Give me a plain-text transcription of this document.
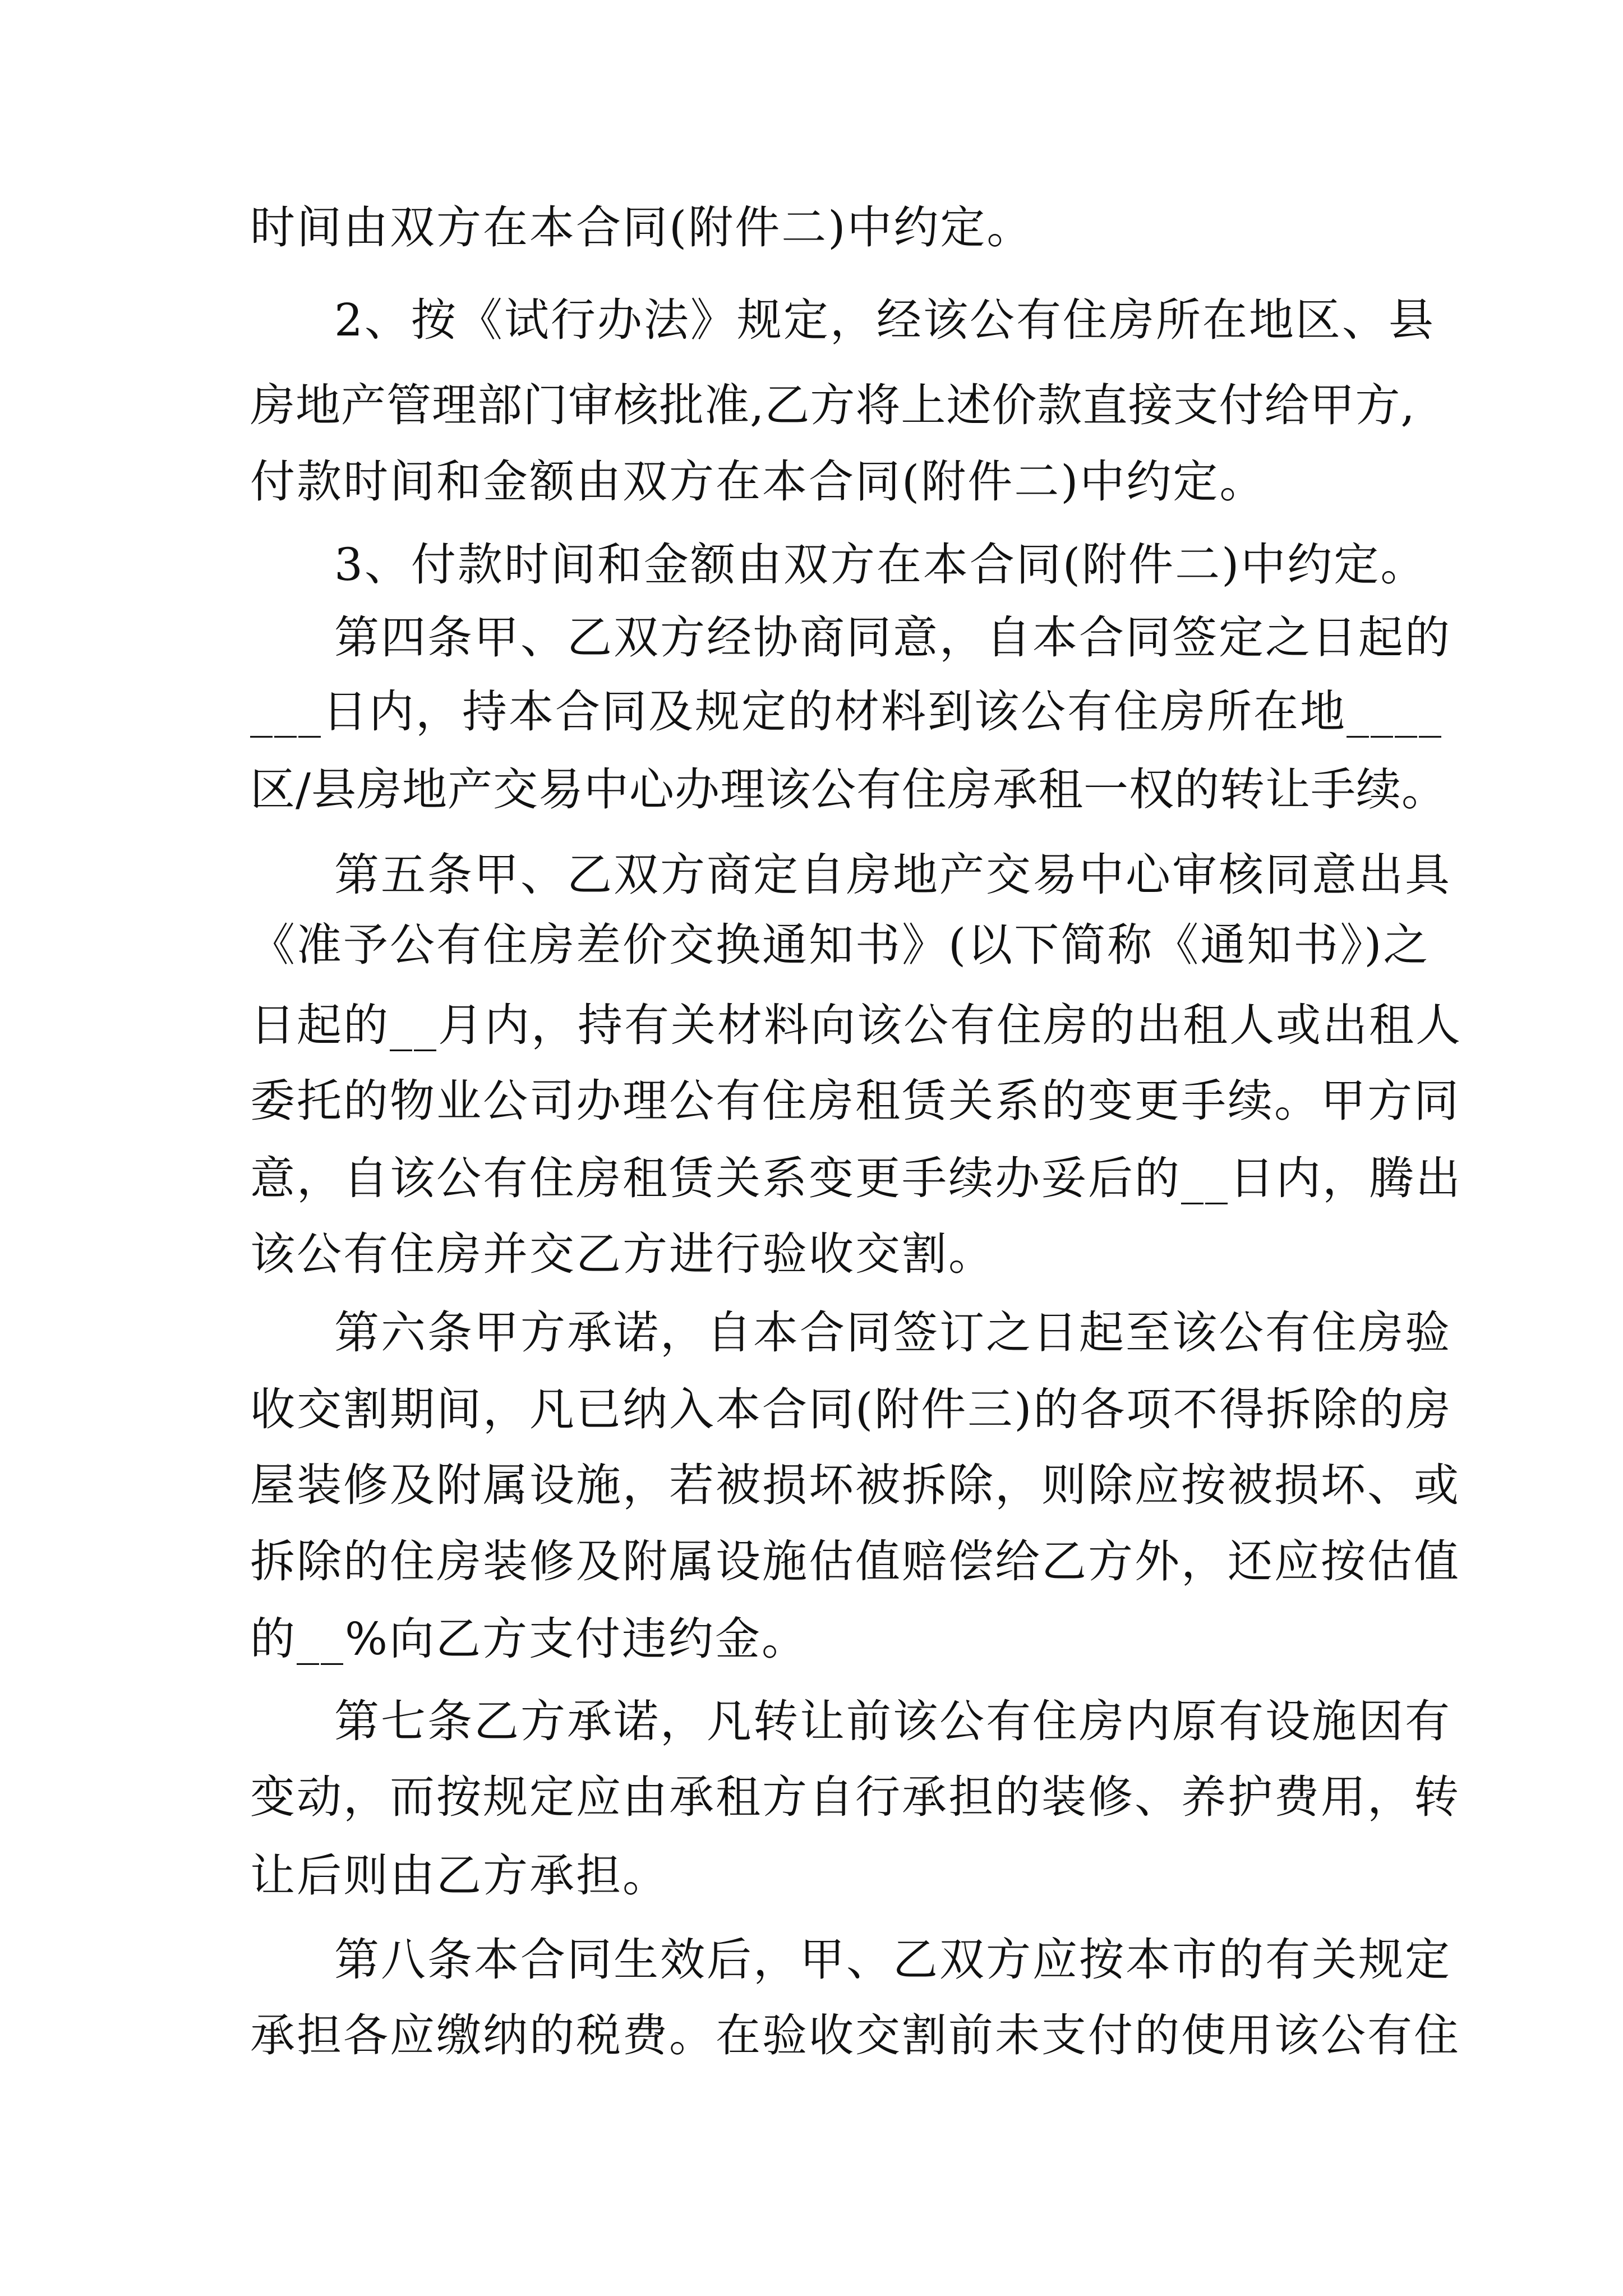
时间由双方在本合同(附件二)中约定。
2、按《试行办法》规定，经该公有住房所在地区、县
房地产管理部门审核批准,乙方将上述价款直接支付给甲方,
付款时间和金额由双方在本合同(附件二)中约定。
3、付款时间和金额由双方在本合同(附件二)中约定。
第四条甲、乙双方经协商同意，自本合同签定之日起的
___日内，持本合同及规定的材料到该公有住房所在地____
区/县房地产交易中心办理该公有住房承租一权的转让手续。
第五条甲、乙双方商定自房地产交易中心审核同意出具
《准予公有住房差价交换通知书》(以下简称《通知书》)之
日起的__月内，持有关材料向该公有住房的出租人或出租人
委托的物业公司办理公有住房租赁关系的变更手续。甲方同
意，自该公有住房租赁关系变更手续办妥后的__日内，腾出
该公有住房并交乙方进行验收交割。
第六条甲方承诺，自本合同签订之日起至该公有住房验
收交割期间，凡已纳入本合同(附件三)的各项不得拆除的房
屋装修及附属设施，若被损坏被拆除，则除应按被损坏、或
拆除的住房装修及附属设施估值赔偿给乙方外，还应按估值
的__%向乙方支付违约金。
第七条乙方承诺，凡转让前该公有住房内原有设施因有
变动，而按规定应由承租方自行承担的装修、养护费用，转
让后则由乙方承担。
第八条本合同生效后，甲、乙双方应按本市的有关规定
承担各应缴纳的税费。在验收交割前未支付的使用该公有住
